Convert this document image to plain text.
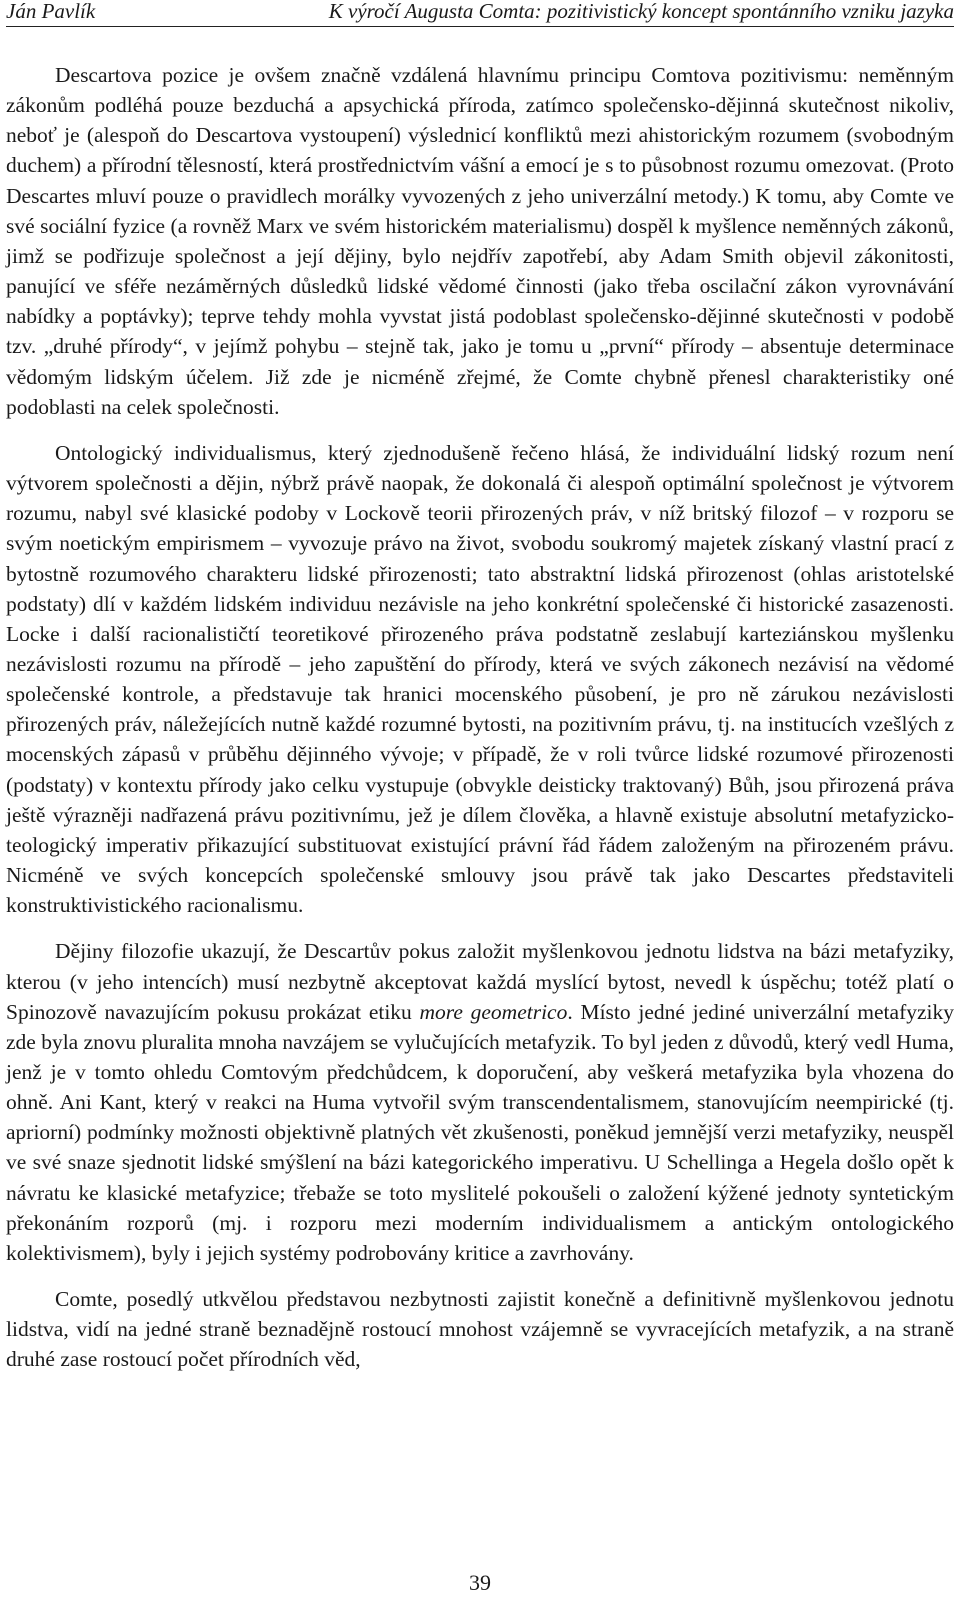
Ján Pavlík	K výročí Augusta Comta: pozitivistický koncept spontánního vzniku jazyka

Descartova pozice je ovšem značně vzdálená hlavnímu principu Comtova pozitivismu: neměnným zákonům podléhá pouze bezduchá a apsychická příroda, zatímco společensko-dějinná skutečnost nikoliv, neboť je (alespoň do Descartova vystoupení) výslednicí konfliktů mezi ahistorickým rozumem (svobodným duchem) a přírodní tělesností, která prostřednictvím vášní a emocí je s to působnost rozumu omezovat. (Proto Descartes mluví pouze o pravidlech morálky vyvozených z jeho univerzální metody.) K tomu, aby Comte ve své sociální fyzice (a rovněž Marx ve svém historickém materialismu) dospěl k myšlence neměnných zákonů, jimž se podřizuje společnost a její dějiny, bylo nejdřív zapotřebí, aby Adam Smith objevil zákonitosti, panující ve sféře nezáměrných důsledků lidské vědomé činnosti (jako třeba oscilační zákon vyrovnávání nabídky a poptávky); teprve tehdy mohla vyvstat jistá podoblast společensko-dějinné skutečnosti v podobě tzv. „druhé přírody“, v jejímž pohybu – stejně tak, jako je tomu u „první“ přírody – absentuje determinace vědomým lidským účelem. Již zde je nicméně zřejmé, že Comte chybně přenesl charakteristiky oné podoblasti na celek společnosti.

Ontologický individualismus, který zjednodušeně řečeno hlásá, že individuální lidský rozum není výtvorem společnosti a dějin, nýbrž právě naopak, že dokonalá či alespoň optimální společnost je výtvorem rozumu, nabyl své klasické podoby v Lockově teorii přirozených práv, v níž britský filozof – v rozporu se svým noetickým empirismem – vyvozuje právo na život, svobodu soukromý majetek získaný vlastní prací z bytostně rozumového charakteru lidské přirozenosti; tato abstraktní lidská přirozenost (ohlas aristotelské podstaty) dlí v každém lidském individuu nezávisle na jeho konkrétní společenské či historické zasazenosti. Locke i další racionalističtí teoretikové přirozeného práva podstatně zeslabují karteziánskou myšlenku nezávislosti rozumu na přírodě – jeho zapuštění do přírody, která ve svých zákonech nezávisí na vědomé společenské kontrole, a představuje tak hranici mocenského působení, je pro ně zárukou nezávislosti přirozených práv, náležejících nutně každé rozumné bytosti, na pozitivním právu, tj. na institucích vzešlých z mocenských zápasů v průběhu dějinného vývoje; v případě, že v roli tvůrce lidské rozumové přirozenosti (podstaty) v kontextu přírody jako celku vystupuje (obvykle deisticky traktovaný) Bůh, jsou přirozená práva ještě výrazněji nadřazená právu pozitivnímu, jež je dílem člověka, a hlavně existuje absolutní metafyzicko-teologický imperativ přikazující substituovat existující právní řád řádem založeným na přirozeném právu. Nicméně ve svých koncepcích společenské smlouvy jsou právě tak jako Descartes představiteli konstruktivistického racionalismu.

Dějiny filozofie ukazují, že Descartův pokus založit myšlenkovou jednotu lidstva na bázi metafyziky, kterou (v jeho intencích) musí nezbytně akceptovat každá myslící bytost, nevedl k úspěchu; totéž platí o Spinozově navazujícím pokusu prokázat etiku more geometrico. Místo jedné jediné univerzální metafyziky zde byla znovu pluralita mnoha navzájem se vylučujících metafyzik. To byl jeden z důvodů, který vedl Huma, jenž je v tomto ohledu Comtovým předchůdcem, k doporučení, aby veškerá metafyzika byla vhozena do ohně. Ani Kant, který v reakci na Huma vytvořil svým transcendentalismem, stanovujícím neempirické (tj. apriorní) podmínky možnosti objektivně platných vět zkušenosti, poněkud jemnější verzi metafyziky, neuspěl ve své snaze sjednotit lidské smýšlení na bázi kategorického imperativu. U Schellinga a Hegela došlo opět k návratu ke klasické metafyzice; třebaže se toto myslitelé pokoušeli o založení kýžené jednoty syntetickým překonáním rozporů (mj. i rozporu mezi moderním individualismem a antickým ontologického kolektivismem), byly i jejich systémy podrobovány kritice a zavrhovány.

Comte, posedlý utkvělou představou nezbytnosti zajistit konečně a definitivně myšlenkovou jednotu lidstva, vidí na jedné straně beznadějně rostoucí mnohost vzájemně se vyvracejících metafyzik, a na straně druhé zase rostoucí počet přírodních věd,

39
